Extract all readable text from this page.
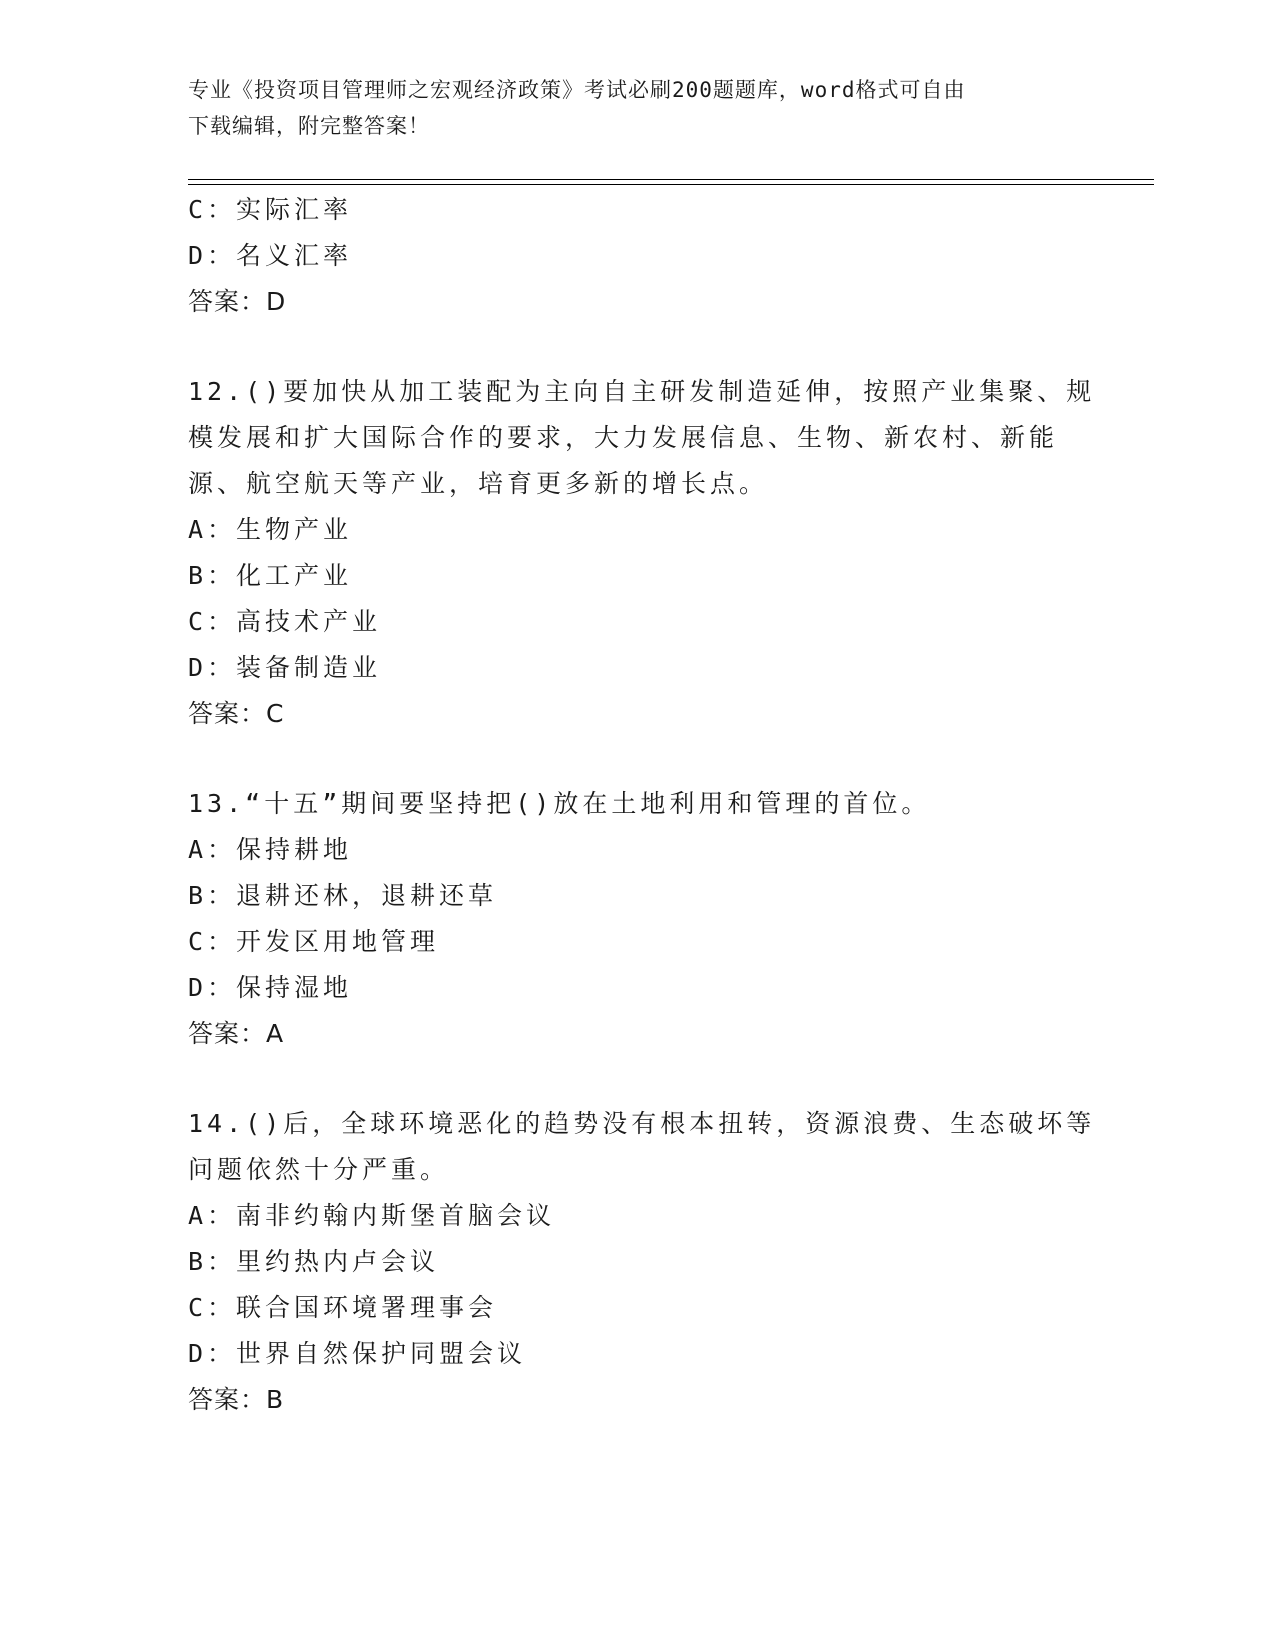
专业《投资项目管理师之宏观经济政策》考试必刷200题题库，word格式可自由
下载编辑，附完整答案！
C：实际汇率
D：名义汇率
答案：D
12.()要加快从加工装配为主向自主研发制造延伸，按照产业集聚、规
模发展和扩大国际合作的要求，大力发展信息、生物、新农村、新能
源、航空航天等产业，培育更多新的增长点。
A：生物产业
B：化工产业
C：高技术产业
D：装备制造业
答案：C
13.“十五”期间要坚持把()放在土地利用和管理的首位。
A：保持耕地
B：退耕还林，退耕还草
C：开发区用地管理
D：保持湿地
答案：A
14.()后，全球环境恶化的趋势没有根本扭转，资源浪费、生态破坏等
问题依然十分严重。
A：南非约翰内斯堡首脑会议
B：里约热内卢会议
C：联合国环境署理事会
D：世界自然保护同盟会议
答案：B
